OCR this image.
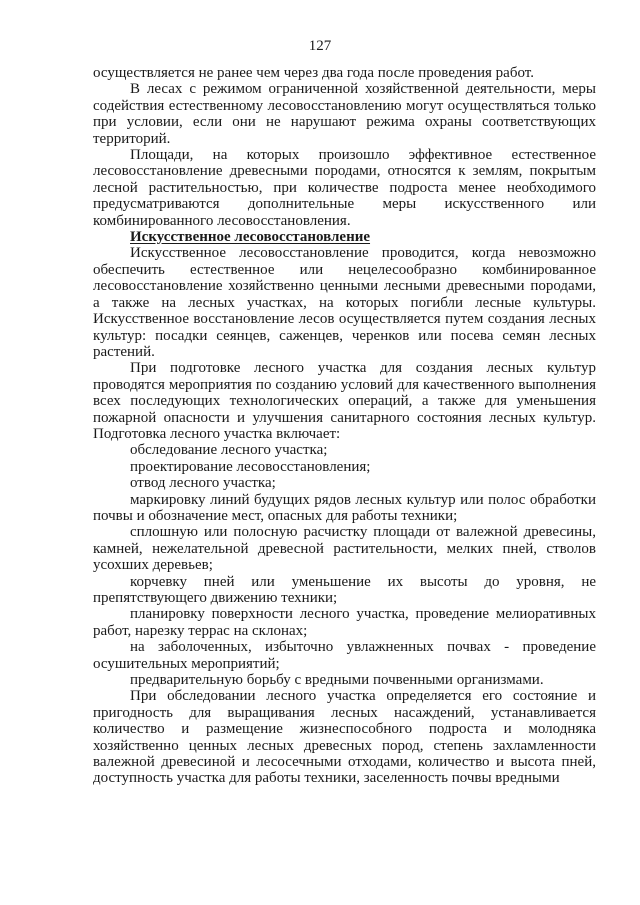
127

осуществляется не ранее чем через два года после проведения работ.

В лесах с режимом ограниченной хозяйственной деятельности, меры содействия естественному лесовосстановлению могут осуществляться только при условии, если они не нарушают режима охраны соответствующих территорий.

Площади, на которых произошло эффективное естественное лесовосстановление древесными породами, относятся к землям, покрытым лесной растительностью, при количестве подроста менее необходимого предусматриваются дополнительные меры искусственного или комбинированного лесовосстановления.

Искусственное лесовосстановление

Искусственное лесовосстановление проводится, когда невозможно обеспечить естественное или нецелесообразно комбинированное лесовосстановление хозяйственно ценными лесными древесными породами, а также на лесных участках, на которых погибли лесные культуры. Искусственное восстановление лесов осуществляется путем создания лесных культур: посадки сеянцев, саженцев, черенков или посева семян лесных растений.

При подготовке лесного участка для создания лесных культур проводятся мероприятия по созданию условий для качественного выполнения всех последующих технологических операций, а также для уменьшения пожарной опасности и улучшения санитарного состояния лесных культур. Подготовка лесного участка включает:

обследование лесного участка;

проектирование лесовосстановления;

отвод лесного участка;

маркировку линий будущих рядов лесных культур или полос обработки почвы и обозначение мест, опасных для работы техники;

сплошную или полосную расчистку площади от валежной древесины, камней, нежелательной древесной растительности, мелких пней, стволов усохших деревьев;

корчевку пней или уменьшение их высоты до уровня, не препятствующего движению техники;

планировку поверхности лесного участка, проведение мелиоративных работ, нарезку террас на склонах;

на заболоченных, избыточно увлажненных почвах - проведение осушительных мероприятий;

предварительную борьбу с вредными почвенными организмами.

При обследовании лесного участка определяется его состояние и пригодность для выращивания лесных насаждений, устанавливается количество и размещение жизнеспособного подроста и молодняка хозяйственно ценных лесных древесных пород, степень захламленности валежной древесиной и лесосечными отходами, количество и высота пней, доступность участка для работы техники, заселенность почвы вредными
